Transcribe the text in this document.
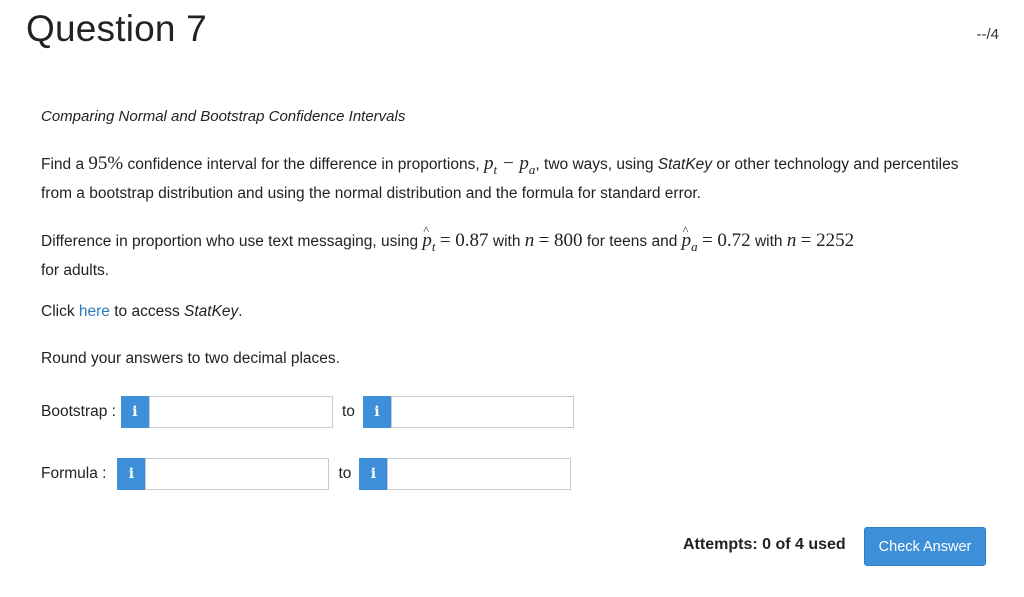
Question 7	--/4
Comparing Normal and Bootstrap Confidence Intervals
Find a 95% confidence interval for the difference in proportions, $p_t - p_a$, two ways, using StatKey or other technology and percentiles from a bootstrap distribution and using the normal distribution and the formula for standard error.
Difference in proportion who use text messaging, using ^ $p_t = 0.87$ with n = 800 for teens and ^ $p_a = 0.72$ with n = 2252
for adults.
Click here to access StatKey.
Round your answers to two decimal places.
Bootstrap :	i	to	i
Formula :	i	to	i
Attempts: 0 of 4 used	Check Answer
